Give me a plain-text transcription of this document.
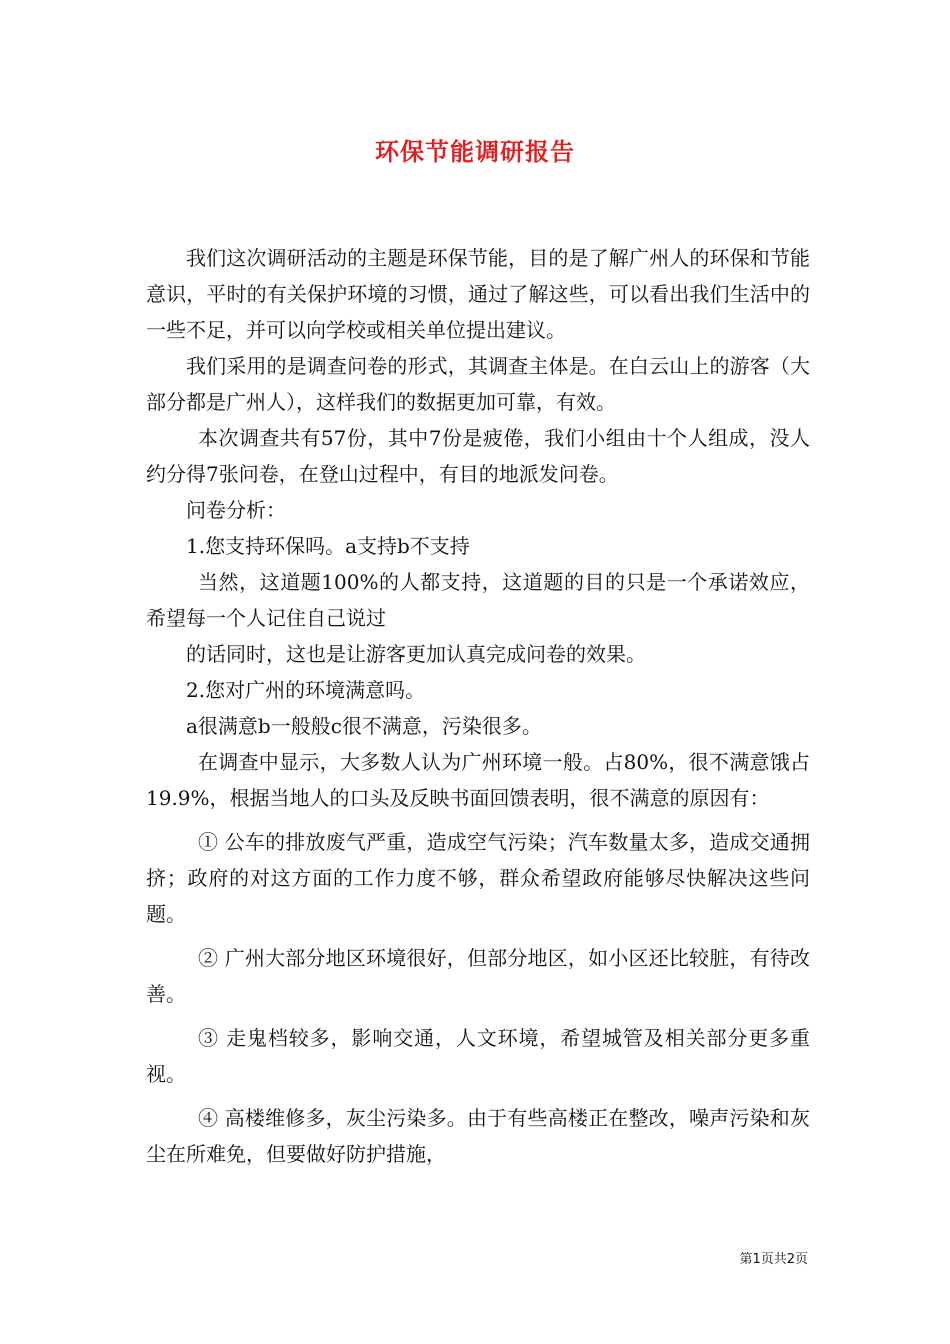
环保节能调研报告

我们这次调研活动的主题是环保节能，目的是了解广州人的环保和节能意识，平时的有关保护环境的习惯，通过了解这些，可以看出我们生活中的一些不足，并可以向学校或相关单位提出建议。

我们采用的是调查问卷的形式，其调查主体是。在白云山上的游客（大部分都是广州人），这样我们的数据更加可靠，有效。

本次调查共有57份，其中7份是疲倦，我们小组由十个人组成，没人约分得7张问卷，在登山过程中，有目的地派发问卷。

问卷分析：

1.您支持环保吗。a支持b不支持

当然，这道题100%的人都支持，这道题的目的只是一个承诺效应，希望每一个人记住自己说过

的话同时，这也是让游客更加认真完成问卷的效果。

2.您对广州的环境满意吗。

a很满意b一般般c很不满意，污染很多。

在调查中显示，大多数人认为广州环境一般。占80%，很不满意饿占19.9%，根据当地人的口头及反映书面回馈表明，很不满意的原因有：

① 公车的排放废气严重，造成空气污染；汽车数量太多，造成交通拥挤；政府的对这方面的工作力度不够，群众希望政府能够尽快解决这些问题。

② 广州大部分地区环境很好，但部分地区，如小区还比较脏，有待改善。

③ 走鬼档较多，影响交通，人文环境，希望城管及相关部分更多重视。

④ 高楼维修多，灰尘污染多。由于有些高楼正在整改，噪声污染和灰尘在所难免，但要做好防护措施，

第1页共2页
